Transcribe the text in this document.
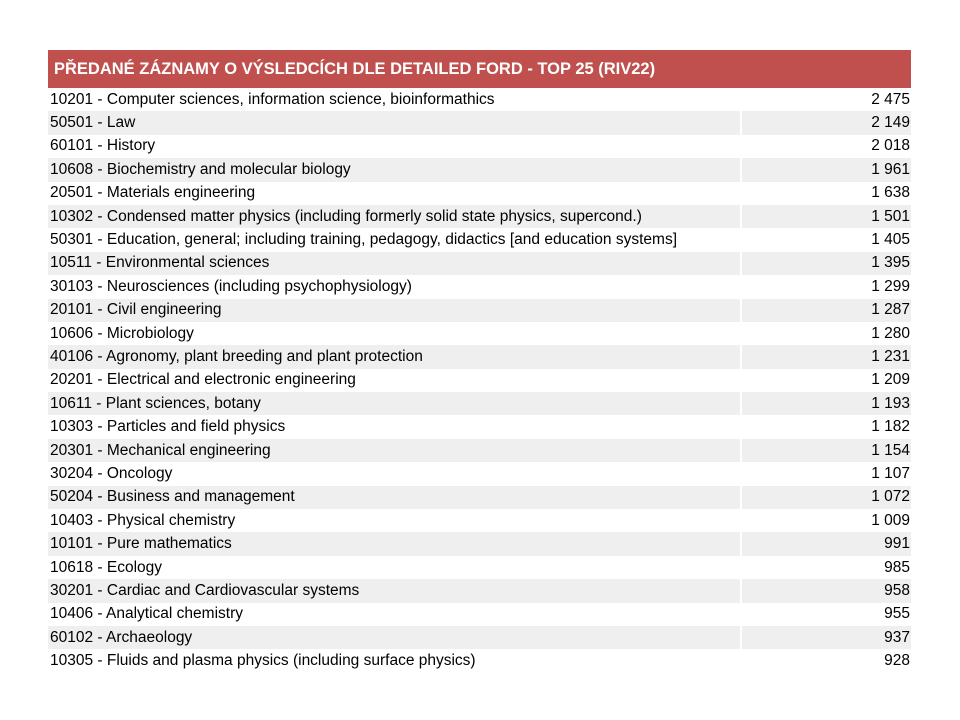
PŘEDANÉ ZÁZNAMY O VÝSLEDCÍCH DLE DETAILED FORD - TOP 25 (RIV22)
10201 - Computer sciences, information science, bioinformathics	2 475
50501 - Law	2 149
60101 - History	2 018
10608 - Biochemistry and molecular biology	1 961
20501 - Materials engineering	1 638
10302 - Condensed matter physics (including formerly solid state physics, supercond.)	1 501
50301 - Education, general; including training, pedagogy, didactics [and education systems]	1 405
10511 - Environmental sciences	1 395
30103 - Neurosciences (including psychophysiology)	1 299
20101 - Civil engineering	1 287
10606 - Microbiology	1 280
40106 - Agronomy, plant breeding and plant protection	1 231
20201 - Electrical and electronic engineering	1 209
10611 - Plant sciences, botany	1 193
10303 - Particles and field physics	1 182
20301 - Mechanical engineering	1 154
30204 - Oncology	1 107
50204 - Business and management	1 072
10403 - Physical chemistry	1 009
10101 - Pure mathematics	991
10618 - Ecology	985
30201 - Cardiac and Cardiovascular systems	958
10406 - Analytical chemistry	955
60102 - Archaeology	937
10305 - Fluids and plasma physics (including surface physics)	928
